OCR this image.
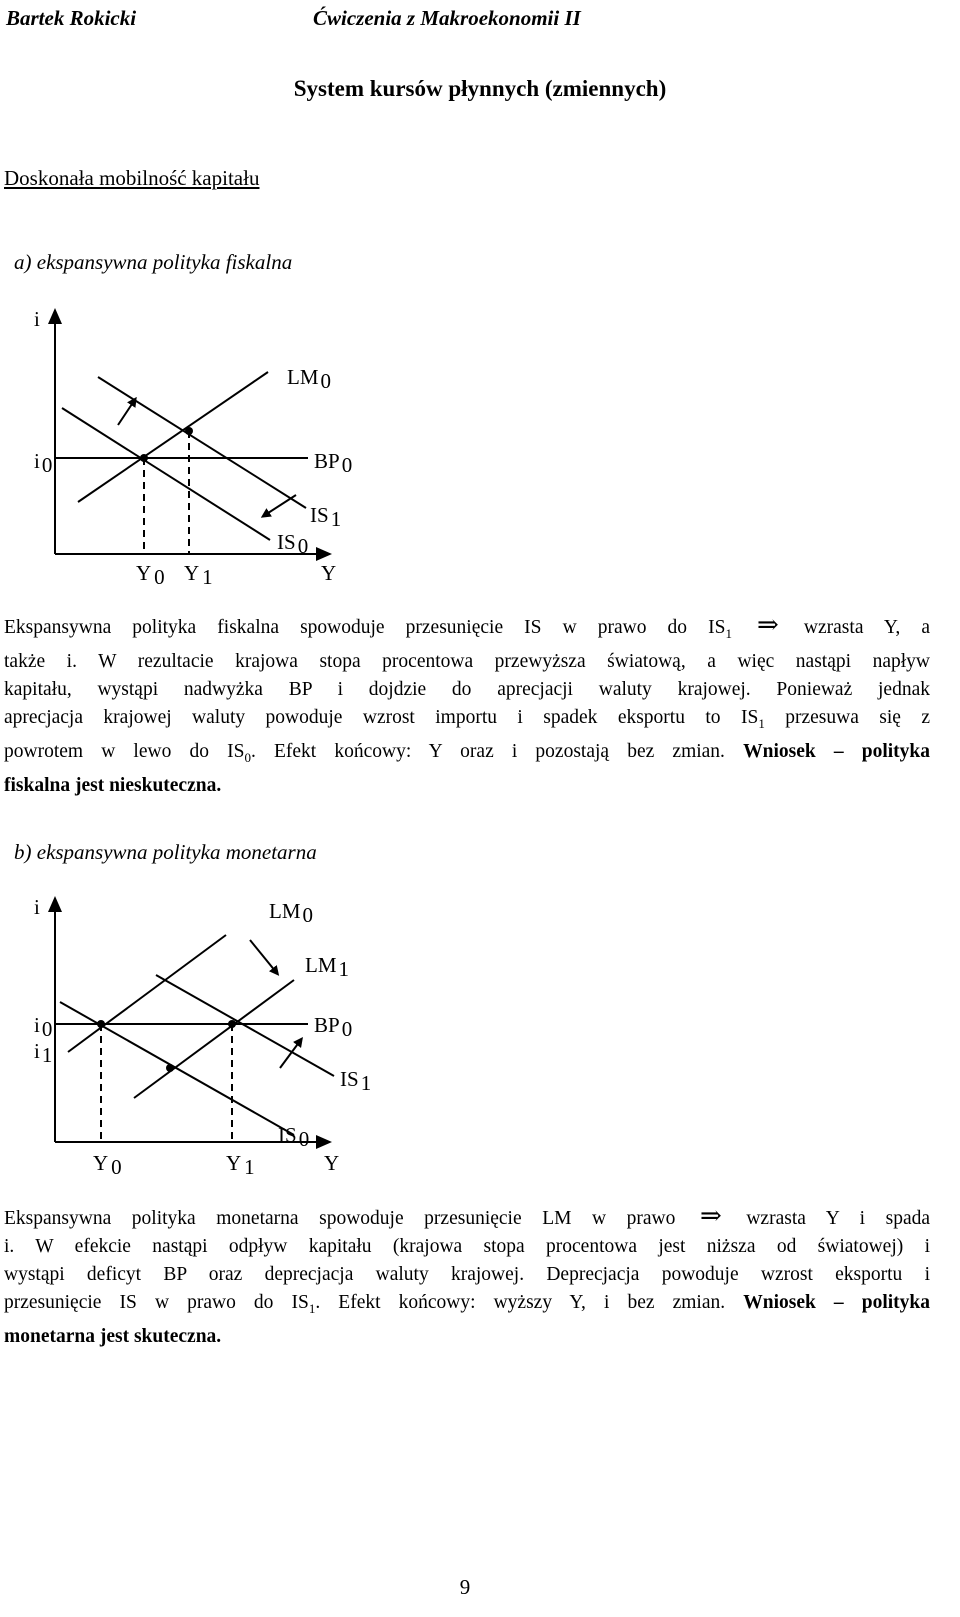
Bartek Rokicki	Ćwiczenia z Makroekonomii II
System kursów płynnych (zmiennych)
Doskonała mobilność kapitału
a) ekspansywna polityka fiskalna
i
LM0
i0	BP0
IS1
IS0
Y 0 Y 1	Y
Ekspansywna polityka fiskalna spowoduje przesunięcie IS w prawo do $IS_1$ ⇒ wzrasta Y, a
także i. W rezultacie krajowa stopa procentowa przewyższa światową, a więc nastąpi napływ
kapitału, wystąpi nadwyżka BP i dojdzie do aprecjacji waluty krajowej. Ponieważ jednak
aprecjacja krajowej waluty powoduje wzrost importu i spadek eksportu to $IS_1$ przesuwa się z
powrotem w lewo do $IS_0$. Efekt końcowy: Y oraz i pozostają bez zmian. Wniosek – polityka
fiskalna jest nieskuteczna.
b) ekspansywna polityka monetarna
i	LM0
LM1
i0
i1
BP0
IS1
IS0
Y 0	Y 1	Y
Ekspansywna polityka monetarna spowoduje przesunięcie LM w prawo ⇒ wzrasta Y i spada
i. W efekcie nastąpi odpływ kapitału (krajowa stopa procentowa jest niższa od światowej) i
wystąpi deficyt BP oraz deprecjacja waluty krajowej. Deprecjacja powoduje wzrost eksportu i
przesunięcie IS w prawo do $IS_1$. Efekt końcowy: wyższy Y, i bez zmian. Wniosek – polityka
monetarna jest skuteczna.
9
